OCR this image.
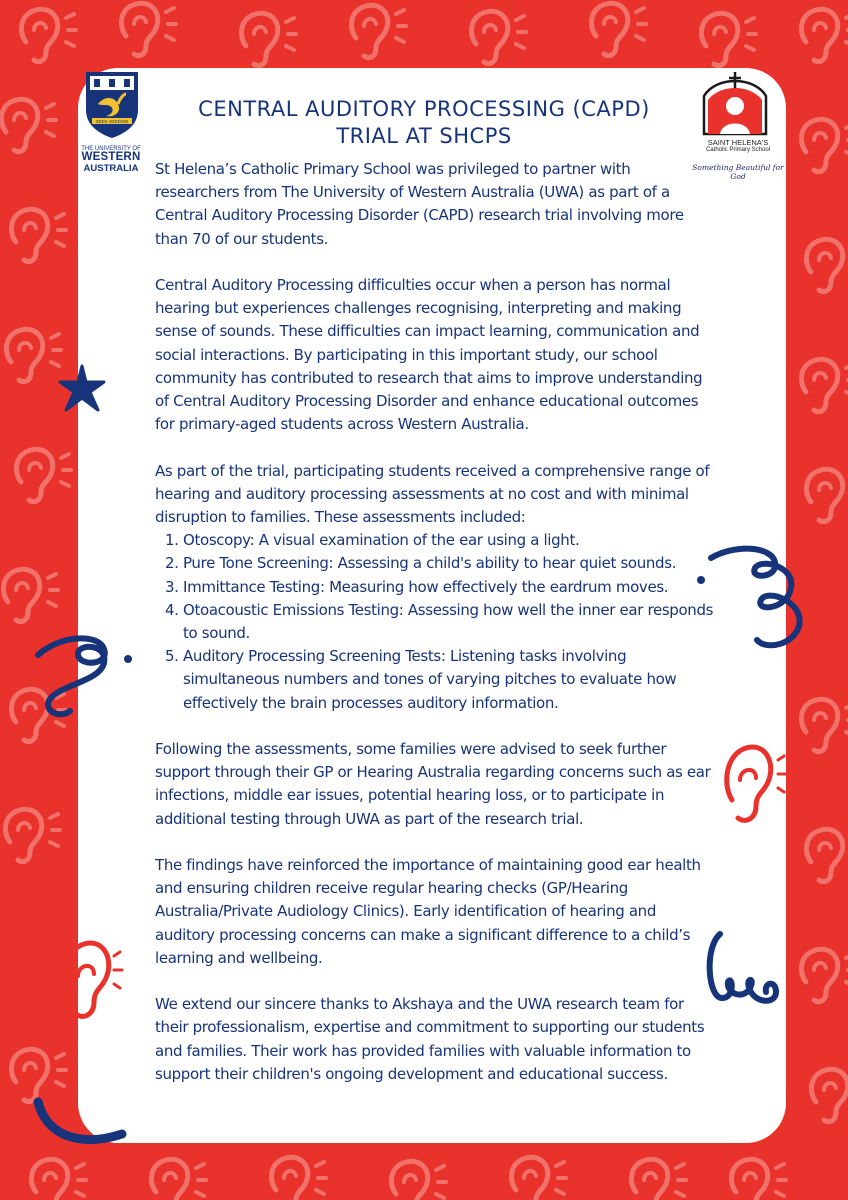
SEEK WISDOM
THE UNIVERSITY OF
WESTERN
AUSTRALIA
SAINT HELENA'S
Catholic Primary School
Something Beautiful for God
CENTRAL AUDITORY PROCESSING (CAPD)
TRIAL AT SHCPS

St Helena’s Catholic Primary School was privileged to partner with researchers from The University of Western Australia (UWA) as part of a Central Auditory Processing Disorder (CAPD) research trial involving more than 70 of our students.

Central Auditory Processing difficulties occur when a person has normal hearing but experiences challenges recognising, interpreting and making sense of sounds. These difficulties can impact learning, communication and social interactions. By participating in this important study, our school community has contributed to research that aims to improve understanding of Central Auditory Processing Disorder and enhance educational outcomes for primary-aged students across Western Australia.

As part of the trial, participating students received a comprehensive range of hearing and auditory processing assessments at no cost and with minimal disruption to families. These assessments included:

1. Otoscopy: A visual examination of the ear using a light.
2. Pure Tone Screening: Assessing a child's ability to hear quiet sounds.
3. Immittance Testing: Measuring how effectively the eardrum moves.
4. Otoacoustic Emissions Testing: Assessing how well the inner ear responds to sound.
5. Auditory Processing Screening Tests: Listening tasks involving simultaneous numbers and tones of varying pitches to evaluate how effectively the brain processes auditory information.

Following the assessments, some families were advised to seek further support through their GP or Hearing Australia regarding concerns such as ear infections, middle ear issues, potential hearing loss, or to participate in additional testing through UWA as part of the research trial.

The findings have reinforced the importance of maintaining good ear health and ensuring children receive regular hearing checks (GP/Hearing Australia/Private Audiology Clinics). Early identification of hearing and auditory processing concerns can make a significant difference to a child’s learning and wellbeing.

We extend our sincere thanks to Akshaya and the UWA research team for their professionalism, expertise and commitment to supporting our students and families. Their work has provided families with valuable information to support their children's ongoing development and educational success.
